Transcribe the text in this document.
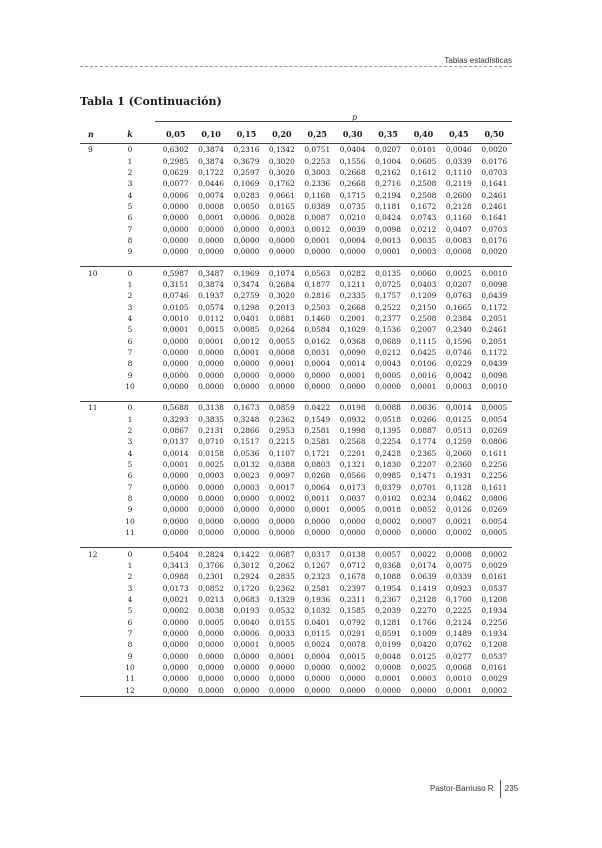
Tablas estadísticas
Tabla 1 (Continuación)
p
n	k	0,05	0,10	0,15	0,20	0,25	0,30	0,35	0,40	0,45	0,50
9	0	0,6302	0,3874	0,2316	0,1342	0,0751	0,0404	0,0207	0,0101	0,0046	0,0020
	1	0,2985	0,3874	0,3679	0,3020	0,2253	0,1556	0,1004	0,0605	0,0339	0,0176
	2	0,0629	0,1722	0,2597	0,3020	0,3003	0,2668	0,2162	0,1612	0,1110	0,0703
	3	0,0077	0,0446	0,1069	0,1762	0,2336	0,2668	0,2716	0,2508	0,2119	0,1641
	4	0,0006	0,0074	0,0283	0,0661	0,1168	0,1715	0,2194	0,2508	0,2600	0,2461
	5	0,0000	0,0008	0,0050	0,0165	0,0389	0,0735	0,1181	0,1672	0,2128	0,2461
	6	0,0000	0,0001	0,0006	0,0028	0,0087	0,0210	0,0424	0,0743	0,1160	0,1641
	7	0,0000	0,0000	0,0000	0,0003	0,0012	0,0039	0,0098	0,0212	0,0407	0,0703
	8	0,0000	0,0000	0,0000	0,0000	0,0001	0,0004	0,0013	0,0035	0,0083	0,0176
	9	0,0000	0,0000	0,0000	0,0000	0,0000	0,0000	0,0001	0,0003	0,0008	0,0020

10	0	0,5987	0,3487	0,1969	0,1074	0,0563	0,0282	0,0135	0,0060	0,0025	0,0010
	1	0,3151	0,3874	0,3474	0,2684	0,1877	0,1211	0,0725	0,0403	0,0207	0,0098
	2	0,0746	0,1937	0,2759	0,3020	0,2816	0,2335	0,1757	0,1209	0,0763	0,0439
	3	0,0105	0,0574	0,1298	0,2013	0,2503	0,2668	0,2522	0,2150	0,1665	0,1172
	4	0,0010	0,0112	0,0401	0,0881	0,1460	0,2001	0,2377	0,2508	0,2384	0,2051
	5	0,0001	0,0015	0,0085	0,0264	0,0584	0,1029	0,1536	0,2007	0,2340	0,2461
	6	0,0000	0,0001	0,0012	0,0055	0,0162	0,0368	0,0689	0,1115	0,1596	0,2051
	7	0,0000	0,0000	0,0001	0,0008	0,0031	0,0090	0,0212	0,0425	0,0746	0,1172
	8	0,0000	0,0000	0,0000	0,0001	0,0004	0,0014	0,0043	0,0106	0,0229	0,0439
	9	0,0000	0,0000	0,0000	0,0000	0,0000	0,0001	0,0005	0,0016	0,0042	0,0098
	10	0,0000	0,0000	0,0000	0,0000	0,0000	0,0000	0,0000	0,0001	0,0003	0,0010

11	0	0,5688	0,3138	0,1673	0,0859	0,0422	0,0198	0,0088	0,0036	0,0014	0,0005
	1	0,3293	0,3835	0,3248	0,2362	0,1549	0,0932	0,0518	0,0266	0,0125	0,0054
	2	0,0867	0,2131	0,2866	0,2953	0,2581	0,1998	0,1395	0,0887	0,0513	0,0269
	3	0,0137	0,0710	0,1517	0,2215	0,2581	0,2568	0,2254	0,1774	0,1259	0,0806
	4	0,0014	0,0158	0,0536	0,1107	0,1721	0,2201	0,2428	0,2365	0,2060	0,1611
	5	0,0001	0,0025	0,0132	0,0388	0,0803	0,1321	0,1830	0,2207	0,2360	0,2256
	6	0,0000	0,0003	0,0023	0,0097	0,0268	0,0566	0,0985	0,1471	0,1931	0,2256
	7	0,0000	0,0000	0,0003	0,0017	0,0064	0,0173	0,0379	0,0701	0,1128	0,1611
	8	0,0000	0,0000	0,0000	0,0002	0,0011	0,0037	0,0102	0,0234	0,0462	0,0806
	9	0,0000	0,0000	0,0000	0,0000	0,0001	0,0005	0,0018	0,0052	0,0126	0,0269
	10	0,0000	0,0000	0,0000	0,0000	0,0000	0,0000	0,0002	0,0007	0,0021	0,0054
	11	0,0000	0,0000	0,0000	0,0000	0,0000	0,0000	0,0000	0,0000	0,0002	0,0005

12	0	0,5404	0,2824	0,1422	0,0687	0,0317	0,0138	0,0057	0,0022	0,0008	0,0002
	1	0,3413	0,3766	0,3012	0,2062	0,1267	0,0712	0,0368	0,0174	0,0075	0,0029
	2	0,0988	0,2301	0,2924	0,2835	0,2323	0,1678	0,1088	0,0639	0,0339	0,0161
	3	0,0173	0,0852	0,1720	0,2362	0,2581	0,2397	0,1954	0,1419	0,0923	0,0537
	4	0,0021	0,0213	0,0683	0,1329	0,1936	0,2311	0,2367	0,2128	0,1700	0,1208
	5	0,0002	0,0038	0,0193	0,0532	0,1032	0,1585	0,2039	0,2270	0,2225	0,1934
	6	0,0000	0,0005	0,0040	0,0155	0,0401	0,0792	0,1281	0,1766	0,2124	0,2256
	7	0,0000	0,0000	0,0006	0,0033	0,0115	0,0291	0,0591	0,1009	0,1489	0,1934
	8	0,0000	0,0000	0,0001	0,0005	0,0024	0,0078	0,0199	0,0420	0,0762	0,1208
	9	0,0000	0,0000	0,0000	0,0001	0,0004	0,0015	0,0048	0,0125	0,0277	0,0537
	10	0,0000	0,0000	0,0000	0,0000	0,0000	0,0002	0,0008	0,0025	0,0068	0,0161
	11	0,0000	0,0000	0,0000	0,0000	0,0000	0,0000	0,0001	0,0003	0,0010	0,0029
	12	0,0000	0,0000	0,0000	0,0000	0,0000	0,0000	0,0000	0,0000	0,0001	0,0002
Pastor-Barriuso R. 235
